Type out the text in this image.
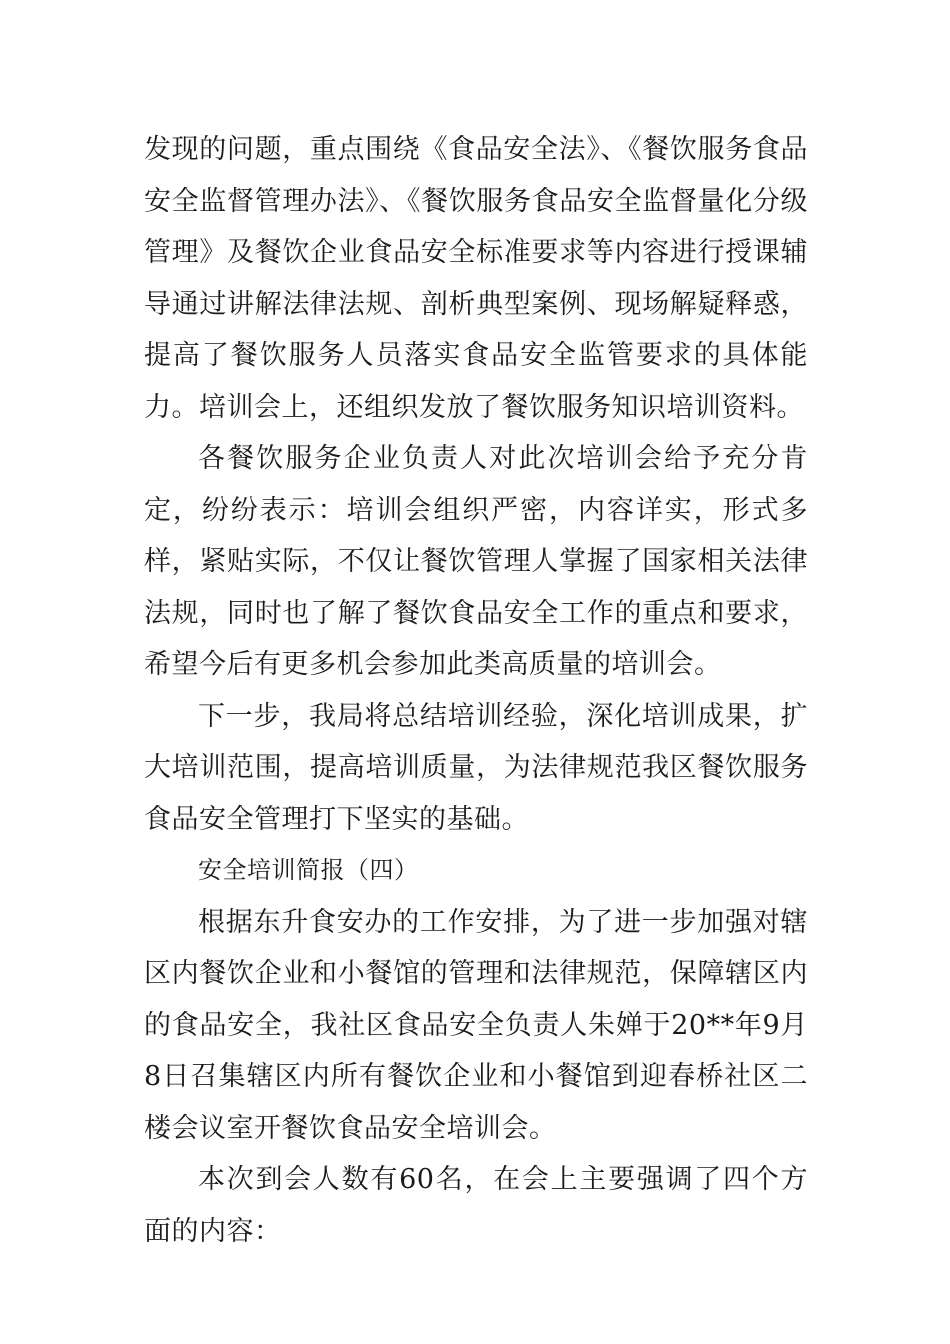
发现的问题，重点围绕《食品安全法》、《餐饮服务食品安全监督管理办法》、《餐饮服务食品安全监督量化分级管理》及餐饮企业食品安全标准要求等内容进行授课辅导通过讲解法律法规、剖析典型案例、现场解疑释惑，提高了餐饮服务人员落实食品安全监管要求的具体能力。培训会上，还组织发放了餐饮服务知识培训资料。

各餐饮服务企业负责人对此次培训会给予充分肯定，纷纷表示：培训会组织严密，内容详实，形式多样，紧贴实际，不仅让餐饮管理人掌握了国家相关法律法规，同时也了解了餐饮食品安全工作的重点和要求，希望今后有更多机会参加此类高质量的培训会。

下一步，我局将总结培训经验，深化培训成果，扩大培训范围，提高培训质量，为法律规范我区餐饮服务食品安全管理打下坚实的基础。

安全培训简报（四）

根据东升食安办的工作安排，为了进一步加强对辖区内餐饮企业和小餐馆的管理和法律规范，保障辖区内的食品安全，我社区食品安全负责人朱婵于20**年9月8日召集辖区内所有餐饮企业和小餐馆到迎春桥社区二楼会议室开餐饮食品安全培训会。

本次到会人数有60名，在会上主要强调了四个方面的内容：
